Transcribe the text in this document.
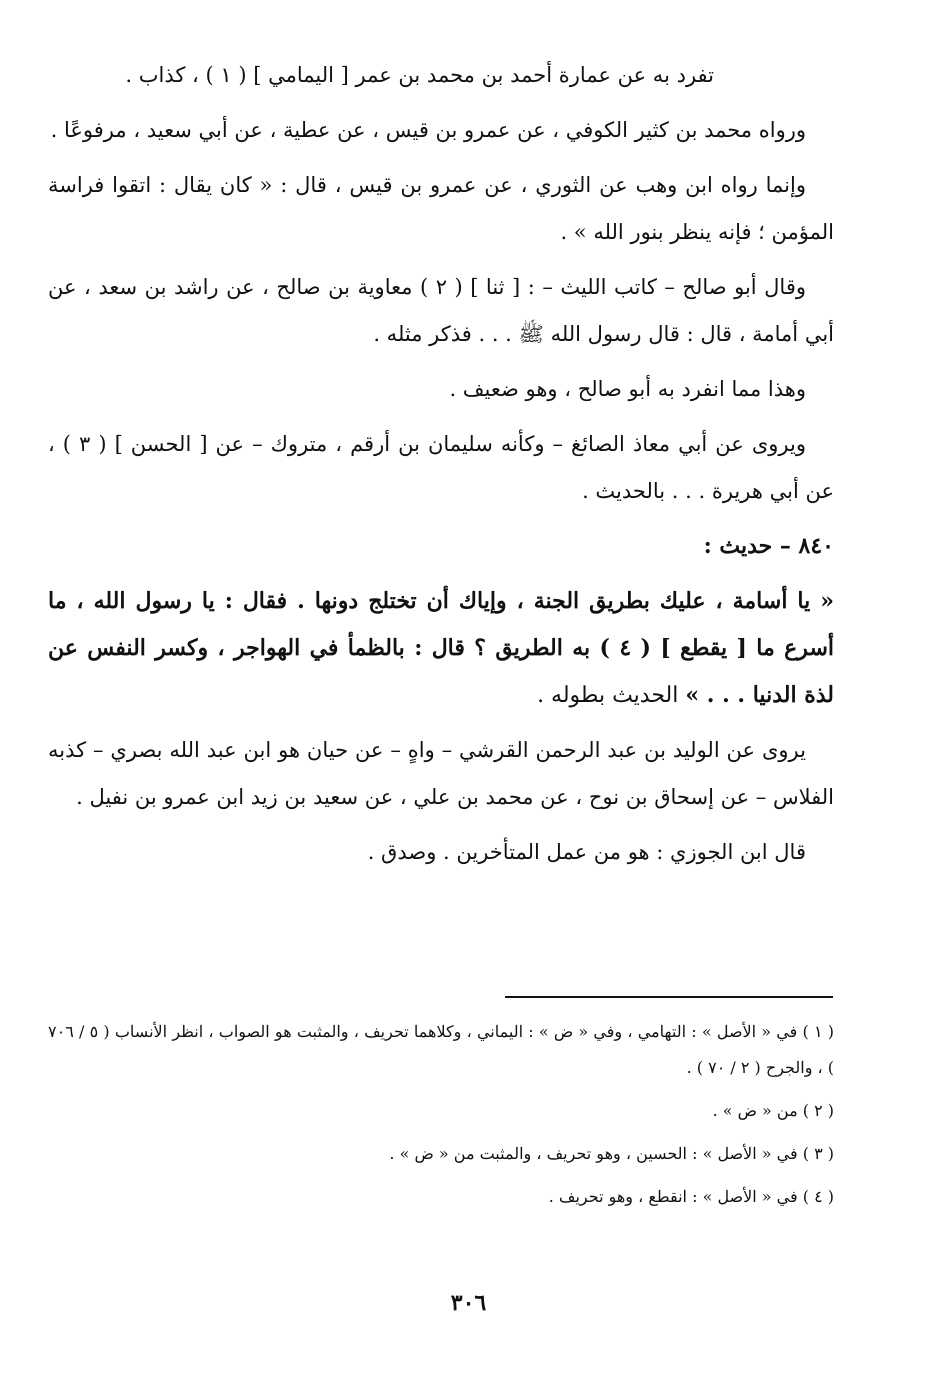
تفرد به عن عمارة أحمد بن محمد بن عمر [ اليمامي ] ( ١ ) ، كذاب .

ورواه محمد بن كثير الكوفي ، عن عمرو بن قيس ، عن عطية ، عن أبي سعيد ، مرفوعًا .

وإنما رواه ابن وهب عن الثوري ، عن عمرو بن قيس ، قال : « كان يقال : اتقوا فراسة المؤمن ؛ فإنه ينظر بنور الله » .

وقال أبو صالح – كاتب الليث – : [ ثنا ] ( ٢ ) معاوية بن صالح ، عن راشد بن سعد ، عن أبي أمامة ، قال : قال رسول الله ﷺ . . . فذكر مثله .

وهذا مما انفرد به أبو صالح ، وهو ضعيف .

ويروى عن أبي معاذ الصائغ – وكأنه سليمان بن أرقم ، متروك – عن [ الحسن ] ( ٣ ) ، عن أبي هريرة . . . بالحديث .

٨٤٠ – حديث :

« يا أسامة ، عليك بطريق الجنة ، وإياك أن تختلج دونها . فقال : يا رسول الله ، ما أسرع ما [ يقطع ] ( ٤ ) به الطريق ؟ قال : بالظمأ في الهواجر ، وكسر النفس عن لذة الدنيا . . . » الحديث بطوله .

يروى عن الوليد بن عبد الرحمن القرشي – واهٍ – عن حيان هو ابن عبد الله بصري – كذبه الفلاس – عن إسحاق بن نوح ، عن محمد بن علي ، عن سعيد بن زيد ابن عمرو بن نفيل .

قال ابن الجوزي : هو من عمل المتأخرين . وصدق .

( ١ ) في « الأصل » : التهامي ، وفي « ض » : اليماني ، وكلاهما تحريف ، والمثبت هو الصواب ، انظر الأنساب ( ٥ / ٧٠٦ ) ، والجرح ( ٢ / ٧٠ ) .

( ٢ ) من « ض » .

( ٣ ) في « الأصل » : الحسين ، وهو تحريف ، والمثبت من « ض » .

( ٤ ) في « الأصل » : انقطع ، وهو تحريف .

٣٠٦
